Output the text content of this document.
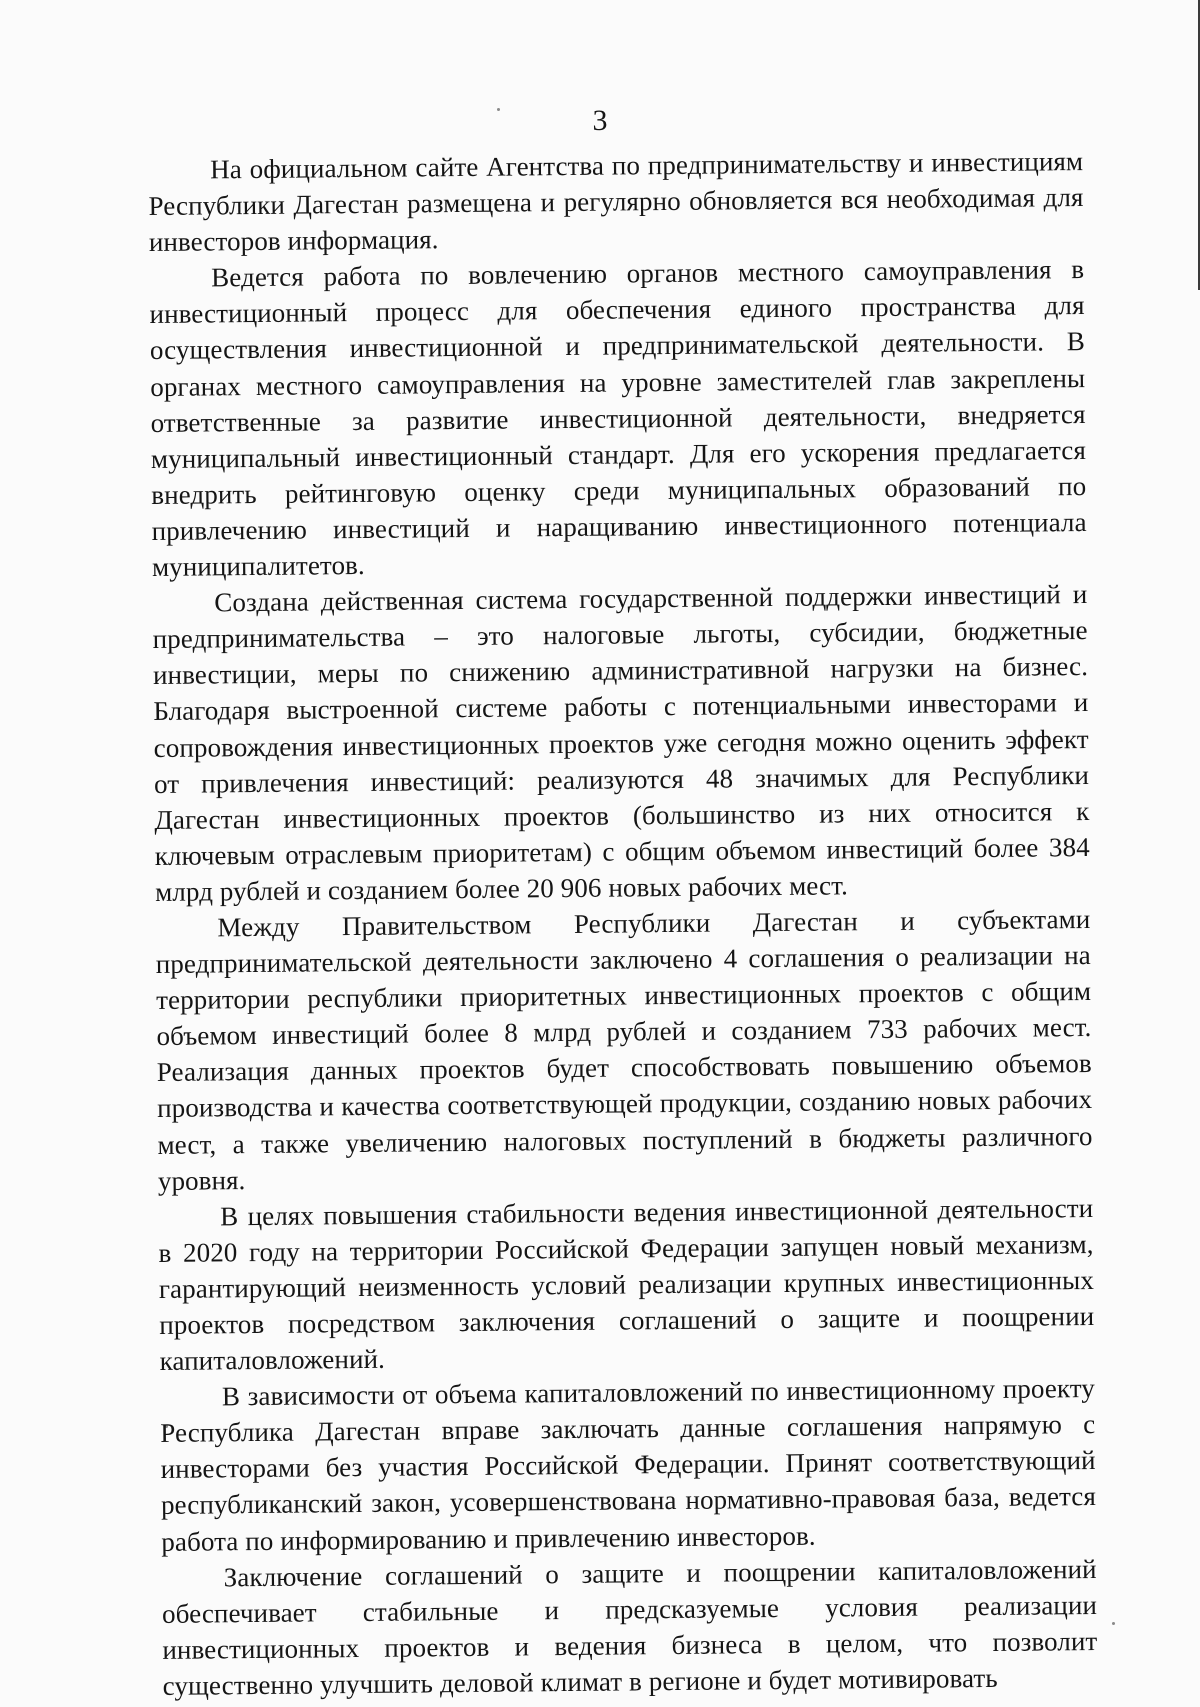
3

На официальном сайте Агентства по предпринимательству и инвестициям Республики Дагестан размещена и регулярно обновляется вся необходимая для инвесторов информация.

Ведется работа по вовлечению органов местного самоуправления в инвестиционный процесс для обеспечения единого пространства для осуществления инвестиционной и предпринимательской деятельности. В органах местного самоуправления на уровне заместителей глав закреплены ответственные за развитие инвестиционной деятельности, внедряется муниципальный инвестиционный стандарт. Для его ускорения предлагается внедрить рейтинговую оценку среди муниципальных образований по привлечению инвестиций и наращиванию инвестиционного потенциала муниципалитетов.

Создана действенная система государственной поддержки инвестиций и предпринимательства – это налоговые льготы, субсидии, бюджетные инвестиции, меры по снижению административной нагрузки на бизнес. Благодаря выстроенной системе работы с потенциальными инвесторами и сопровождения инвестиционных проектов уже сегодня можно оценить эффект от привлечения инвестиций: реализуются 48 значимых для Республики Дагестан инвестиционных проектов (большинство из них относится к ключевым отраслевым приоритетам) с общим объемом инвестиций более 384 млрд рублей и созданием более 20 906 новых рабочих мест.

Между Правительством Республики Дагестан и субъектами предпринимательской деятельности заключено 4 соглашения о реализации на территории республики приоритетных инвестиционных проектов с общим объемом инвестиций более 8 млрд рублей и созданием 733 рабочих мест. Реализация данных проектов будет способствовать повышению объемов производства и качества соответствующей продукции, созданию новых рабочих мест, а также увеличению налоговых поступлений в бюджеты различного уровня.

В целях повышения стабильности ведения инвестиционной деятельности в 2020 году на территории Российской Федерации запущен новый механизм, гарантирующий неизменность условий реализации крупных инвестиционных проектов посредством заключения соглашений о защите и поощрении капиталовложений.

В зависимости от объема капиталовложений по инвестиционному проекту Республика Дагестан вправе заключать данные соглашения напрямую с инвесторами без участия Российской Федерации. Принят соответствующий республиканский закон, усовершенствована нормативно-правовая база, ведется работа по информированию и привлечению инвесторов.

Заключение соглашений о защите и поощрении капиталовложений обеспечивает стабильные и предсказуемые условия реализации инвестиционных проектов и ведения бизнеса в целом, что позволит существенно улучшить деловой климат в регионе и будет мотивировать
